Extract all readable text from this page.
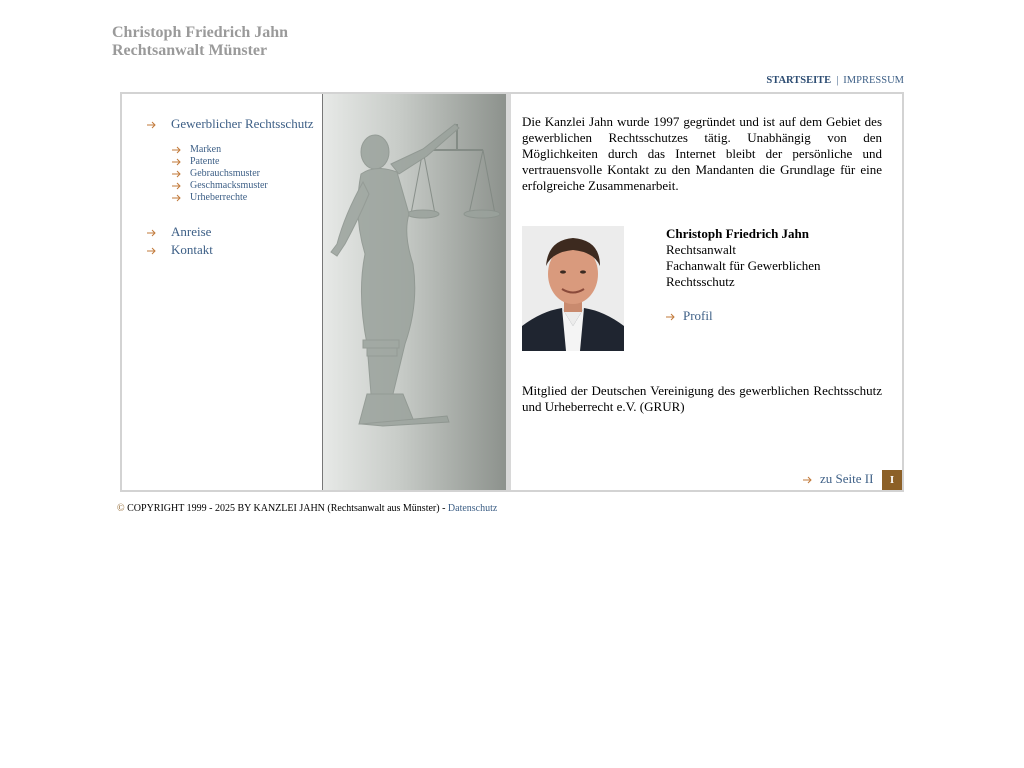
Christoph Friedrich Jahn
Rechtsanwalt Münster
STARTSEITE | IMPRESSUM
Gewerblicher Rechtsschutz
Marken
Patente
Gebrauchsmuster
Geschmacksmuster
Urheberrechte
Anreise
Kontakt

Die Kanzlei Jahn wurde 1997 gegründet und ist auf dem Gebiet des gewerblichen Rechtsschutzes tätig. Unabhängig von den Möglichkeiten durch das Internet bleibt der persönliche und vertrauensvolle Kontakt zu den Mandanten die Grundlage für eine erfolgreiche Zusammenarbeit.

Christoph Friedrich Jahn
Rechtsanwalt
Fachanwalt für Gewerblichen
Rechtsschutz
Profil

Mitglied der Deutschen Vereinigung des gewerblichen Rechtsschutz und Urheberrecht e.V. (GRUR)

zu Seite II	I
© COPYRIGHT 1999 - 2025 BY KANZLEI JAHN (Rechtsanwalt aus Münster) - Datenschutz
